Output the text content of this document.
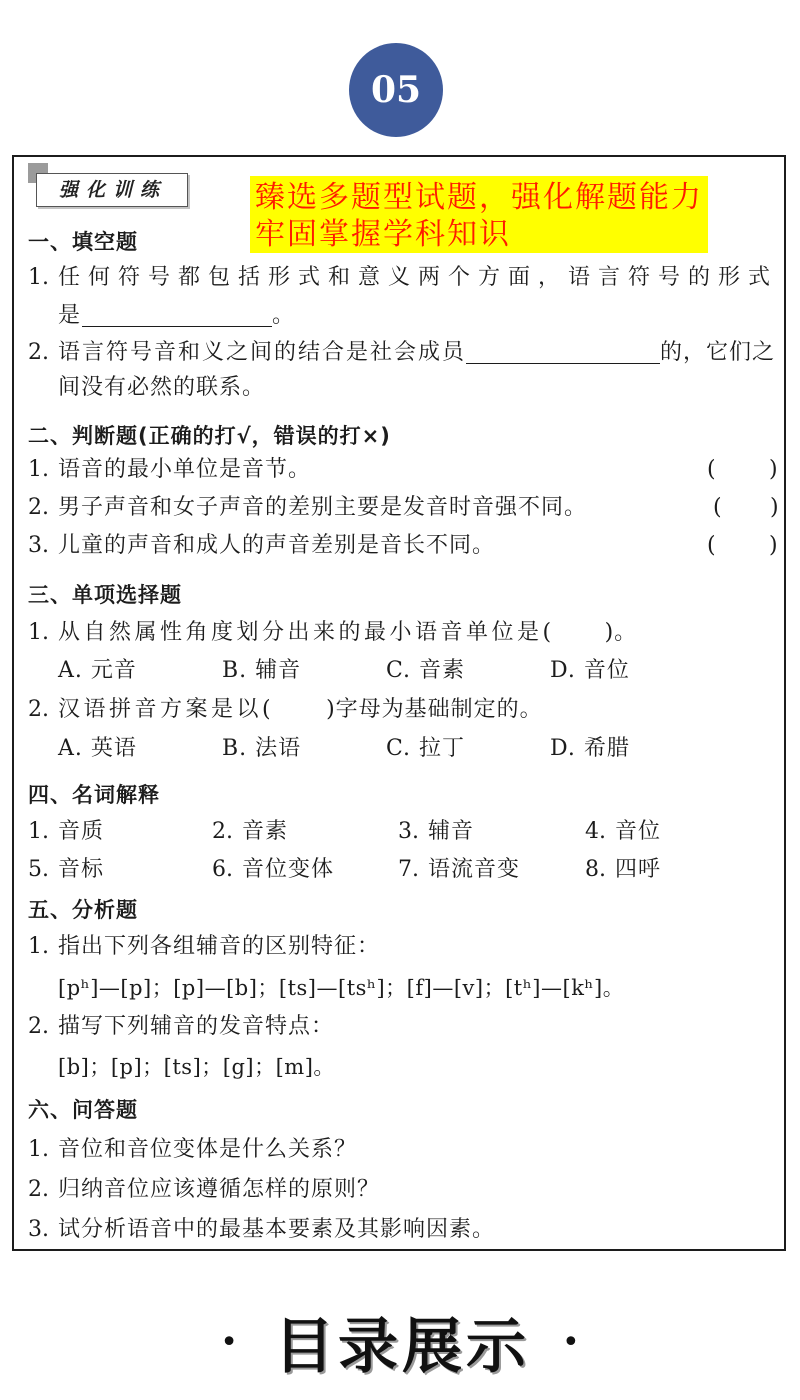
05
强化训练	臻选多题型试题，强化解题能力
牢固掌握学科知识
一、填空题
1. 任何符号都包括形式和意义两个方面，语言符号的形式
是	。
2. 语言符号音和义之间的结合是社会成员	的，它们之
间没有必然的联系。
二、判断题(正确的打√，错误的打×)
1. 语音的最小单位是音节。	( )
2. 男子声音和女子声音的差别主要是发音时音强不同。	( )
3. 儿童的声音和成人的声音差别是音长不同。	( )
三、单项选择题
1. 从自然属性角度划分出来的最小语音单位是( )。
A. 元音	B. 辅音	C. 音素	D. 音位
2. 汉语拼音方案是以( )字母为基础制定的。
A. 英语	B. 法语	C. 拉丁	D. 希腊
四、名词解释
1. 音质	2. 音素	3. 辅音	4. 音位
5. 音标	6. 音位变体	7. 语流音变	8. 四呼
五、分析题
1. 指出下列各组辅音的区别特征：
[pʰ]—[p]；[p]—[b]；[ts]—[tsʰ]；[f]—[v]；[tʰ]—[kʰ]。
2. 描写下列辅音的发音特点：
[b]；[p]；[ts]；[g]；[m]。
六、问答题
1. 音位和音位变体是什么关系？
2. 归纳音位应该遵循怎样的原则？
3. 试分析语音中的最基本要素及其影响因素。
• 目录展示 •
